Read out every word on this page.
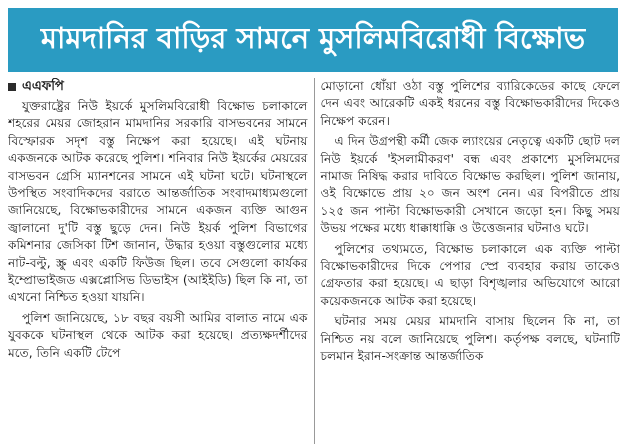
মামদানির বাড়ির সামনে মুসলিমবিরোধী বিক্ষোভ
এএফপি

যুক্তরাষ্ট্রের নিউ ইয়র্কে মুসলিমবিরোধী বিক্ষোভ চলাকালে শহরের মেয়র জোহরান মামদানির সরকারি বাসভবনের সামনে বিস্ফোরক সদৃশ বস্তু নিক্ষেপ করা হয়েছে। এই ঘটনায় একজনকে আটক করেছে পুলিশ। শনিবার নিউ ইয়র্কের মেয়রের বাসভবন গ্রেসি ম্যানশনের সামনে এই ঘটনা ঘটে। ঘটনাস্থলে উপস্থিত সংবাদিকদের বরাতে আন্তর্জাতিক সংবাদমাধ্যমগুলো জানিয়েছে, বিক্ষোভকারীদের সামনে একজন ব্যক্তি আগুন জ্বালানো দু'টি বস্তু ছুড়ে দেন। নিউ ইয়র্ক পুলিশ বিভাগের কমিশনার জেসিকা টিশ জানান, উদ্ধার হওয়া বস্তুগুলোর মধ্যে নাট-বল্টু, স্ক্রু এবং একটি ফিউজ ছিল। তবে সেগুলো কার্যকর ইম্প্রোভাইজড এক্সপ্লোসিভ ডিভাইস (আইইডি) ছিল কি না, তা এখনো নিশ্চিত হওয়া যায়নি।

পুলিশ জানিয়েছে, ১৮ বছর বয়সী আমির বালাত নামে এক যুবককে ঘটনাস্থল থেকে আটক করা হয়েছে। প্রত্যক্ষদর্শীদের মতে, তিনি একটি টেপে

মোড়ানো ধোঁয়া ওঠা বস্তু পুলিশের ব্যারিকেডের কাছে ফেলে দেন এবং আরেকটি একই ধরনের বস্তু বিক্ষোভকারীদের দিকেও নিক্ষেপ করেন।

এ দিন উগ্রপন্থী কর্মী জেক ল্যাংয়ের নেতৃত্বে একটি ছোট দল নিউ ইয়র্কে 'ইসলামীকরণ' বন্ধ এবং প্রকাশ্যে মুসলিমদের নামাজ নিষিদ্ধ করার দাবিতে বিক্ষোভ করছিল। পুলিশ জানায়, ওই বিক্ষোভে প্রায় ২০ জন অংশ নেন। এর বিপরীতে প্রায় ১২৫ জন পাল্টা বিক্ষোভকারী সেখানে জড়ো হন। কিছু সময় উভয় পক্ষের মধ্যে ধাক্কাধাক্কি ও উত্তেজনার ঘটনাও ঘটে।

পুলিশের তথ্যমতে, বিক্ষোভ চলাকালে এক ব্যক্তি পাল্টা বিক্ষোভকারীদের দিকে পেপার স্প্রে ব্যবহার করায় তাকেও গ্রেফতার করা হয়েছে। এ ছাড়া বিশৃঙ্খলার অভিযোগে আরো কয়েকজনকে আটক করা হয়েছে।

ঘটনার সময় মেয়র মামদানি বাসায় ছিলেন কি না, তা নিশ্চিত নয় বলে জানিয়েছে পুলিশ। কর্তৃপক্ষ বলছে, ঘটনাটি চলমান ইরান-সংক্রান্ত আন্তর্জাতিক
